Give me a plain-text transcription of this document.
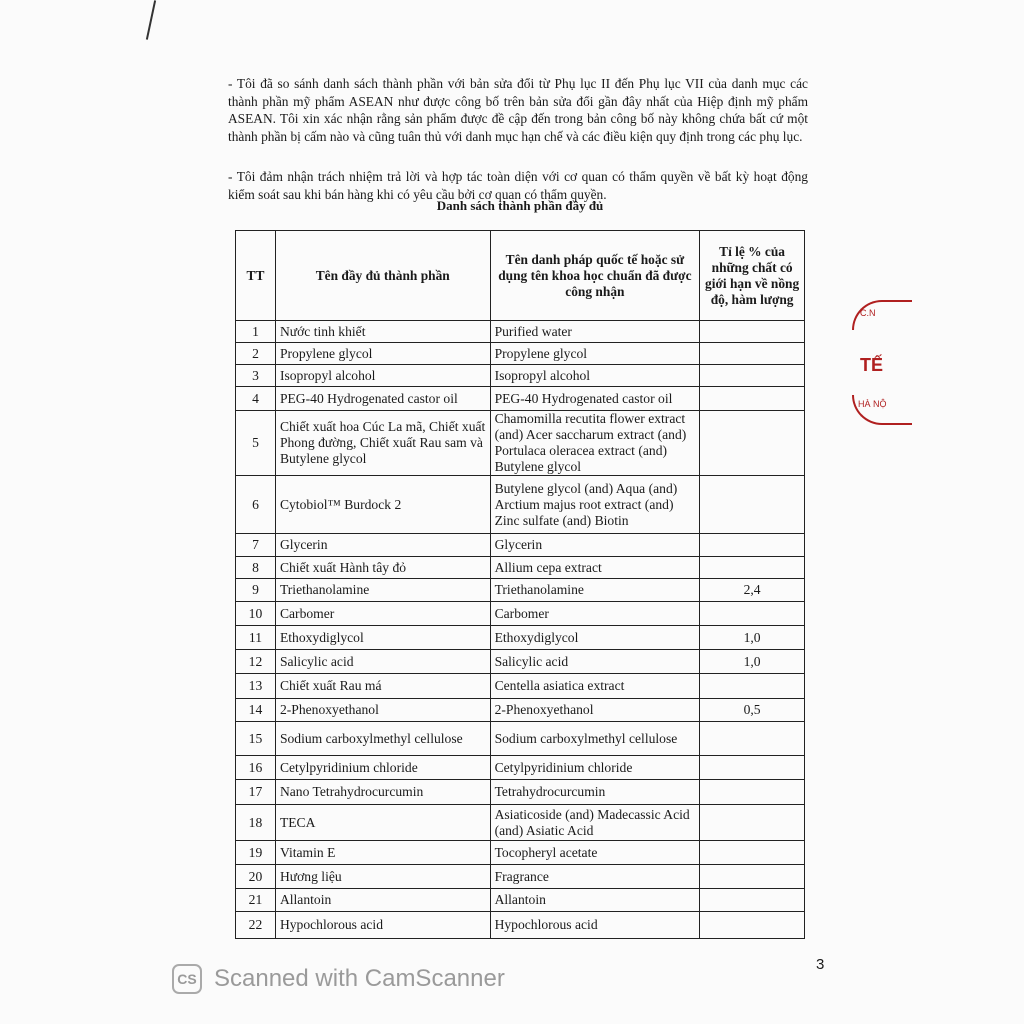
- Tôi đã so sánh danh sách thành phần với bản sửa đổi từ Phụ lục II đến Phụ lục VII của danh mục các thành phần mỹ phẩm ASEAN như được công bố trên bản sửa đổi gần đây nhất của Hiệp định mỹ phẩm ASEAN. Tôi xin xác nhận rằng sản phẩm được đề cập đến trong bản công bố này không chứa bất cứ một thành phần bị cấm nào và cũng tuân thủ với danh mục hạn chế và các điều kiện quy định trong các phụ lục.

- Tôi đảm nhận trách nhiệm trả lời và hợp tác toàn diện với cơ quan có thẩm quyền về bất kỳ hoạt động kiểm soát sau khi bán hàng khi có yêu cầu bởi cơ quan có thẩm quyền.

Danh sách thành phần đầy đủ
TT	Tên đầy đủ thành phần	Tên danh pháp quốc tế hoặc sử dụng tên khoa học chuẩn đã được công nhận	Tỉ lệ % của những chất có giới hạn về nồng độ, hàm lượng
1	Nước tinh khiết	Purified water	
2	Propylene glycol	Propylene glycol	
3	Isopropyl alcohol	Isopropyl alcohol	
4	PEG-40 Hydrogenated castor oil	PEG-40 Hydrogenated castor oil	
5	Chiết xuất hoa Cúc La mã, Chiết xuất Phong đường, Chiết xuất Rau sam và Butylene glycol	Chamomilla recutita flower extract (and) Acer saccharum extract (and) Portulaca oleracea extract (and) Butylene glycol	
6	Cytobiol™ Burdock 2	Butylene glycol (and) Aqua (and) Arctium majus root extract (and) Zinc sulfate (and) Biotin	
7	Glycerin	Glycerin	
8	Chiết xuất Hành tây đỏ	Allium cepa extract	
9	Triethanolamine	Triethanolamine	2,4
10	Carbomer	Carbomer	
11	Ethoxydiglycol	Ethoxydiglycol	1,0
12	Salicylic acid	Salicylic acid	1,0
13	Chiết xuất Rau má	Centella asiatica extract	
14	2-Phenoxyethanol	2-Phenoxyethanol	0,5
15	Sodium carboxylmethyl cellulose	Sodium carboxylmethyl cellulose	
16	Cetylpyridinium chloride	Cetylpyridinium chloride	
17	Nano Tetrahydrocurcumin	Tetrahydrocurcumin	
18	TECA	Asiaticoside (and) Madecassic Acid (and) Asiatic Acid	
19	Vitamin E	Tocopheryl acetate	
20	Hương liệu	Fragrance	
21	Allantoin	Allantoin	
22	Hypochlorous acid	Hypochlorous acid	
C.N
TẾ
HÀ NỘ
3
CS Scanned with CamScanner
